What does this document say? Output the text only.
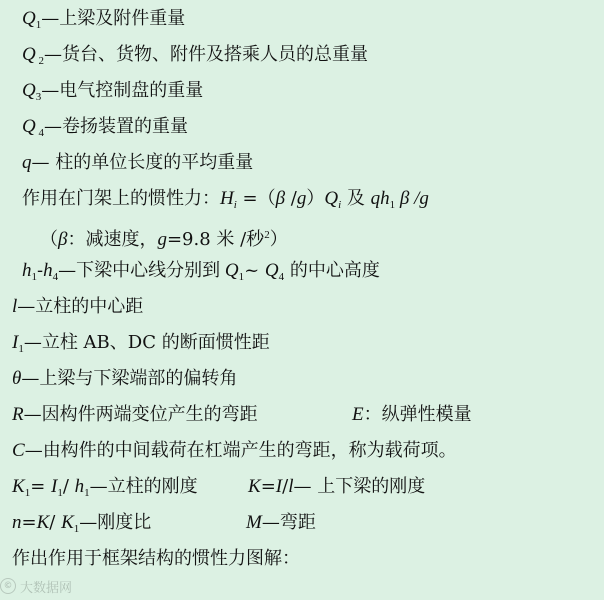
$Q_1—$上梁及附件重量
Q $_2$—货台、货物、附件及搭乘人员的总重量
$Q_3—$电气控制盘的重量
Q $_4$—卷扬装置的重量
q— 柱的单位长度的平均重量
作用在门架上的惯性力：$H_i =(\beta$ $/g)Q_i$ 及 $qh_1$ β /g
（β：减速度，g=9.8 米 /秒$^2$）
$h_1-h_4—$下梁中心线分别到 $Q_1\sim$ $Q_4$ 的中心高度
l—立柱的中心距
$I_1—$立柱 AB、DC 的断面惯性距
θ—上梁与下梁端部的偏转角
R—因构件两端变位产生的弯距	E：纵弹性模量
C—由构件的中间载荷在杠端产生的弯距，称为载荷项。
$K_1= I_1/$ $h_1—$立柱的刚度	K=I/l— 上下梁的刚度
n=K/ $K_1—$刚度比	M—弯距
作出作用于框架结构的惯性力图解：
© 大数据网
